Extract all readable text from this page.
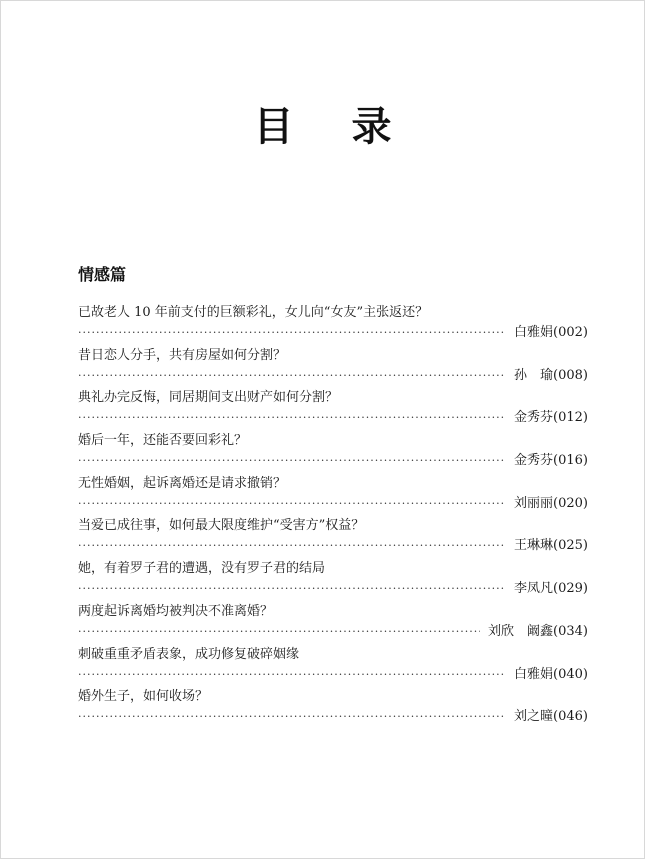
目 录
情感篇
已故老人 10 年前支付的巨额彩礼，女儿向“女友”主张返还？
·····
白雅娟 (002)
昔日恋人分手，共有房屋如何分割？
·····
孙　瑜 (008)
典礼办完反悔，同居期间支出财产如何分割？
·····
金秀芬 (012)
婚后一年，还能否要回彩礼？
·····
金秀芬 (016)
无性婚姻，起诉离婚还是请求撤销？
·····
刘丽丽 (020)
当爱已成往事，如何最大限度维护“受害方”权益？
·····
王琳琳 (025)
她，有着罗子君的遭遇，没有罗子君的结局
·····
李凤凡 (029)
两度起诉离婚均被判决不准离婚？
·····
刘欣　阚鑫 (034)
刺破重重矛盾表象，成功修复破碎姻缘
·····
白雅娟 (040)
婚外生子，如何收场？
·····
刘之曈 (046)
